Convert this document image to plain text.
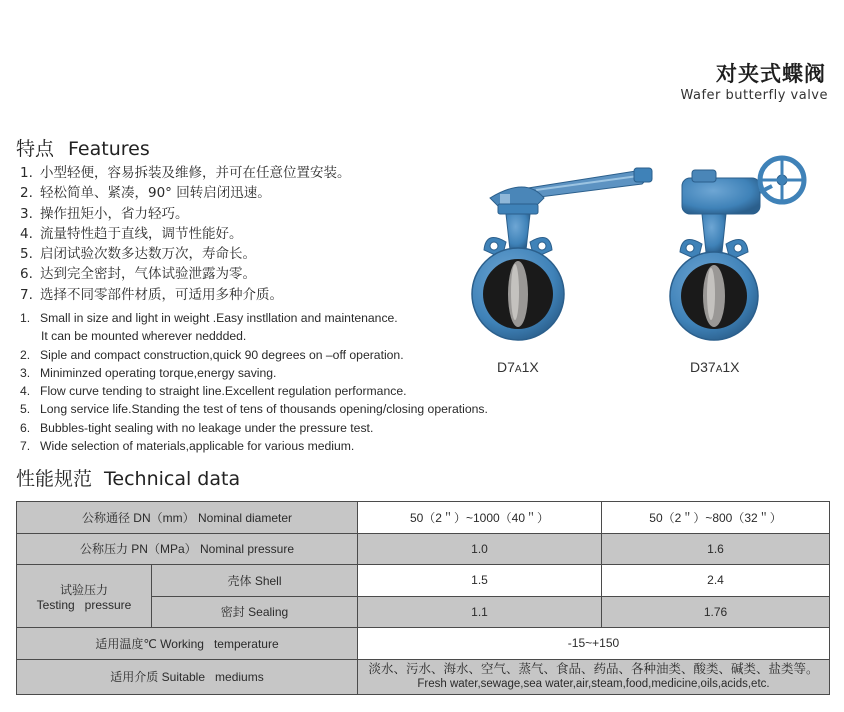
对夹式蝶阀
Wafer butterfly valve
特点 Features
1. 小型轻便，容易拆装及维修，并可在任意位置安装。
2. 轻松简单、紧凑，90° 回转启闭迅速。
3. 操作扭矩小，省力轻巧。
4. 流量特性趋于直线，调节性能好。
5. 启闭试验次数多达数万次，寿命长。
6. 达到完全密封，气体试验泄露为零。
7. 选择不同零部件材质，可适用多种介质。
1. Small in size and light in weight .Easy instllation and maintenance.
It can be mounted wherever neddded.
2. Siple and compact construction,quick 90 degrees on –off operation.
3. Miniminzed operating torque,energy saving.
4. Flow curve tending to straight line.Excellent regulation performance.
5. Long service life.Standing the test of tens of thousands opening/closing operations.
6. Bubbles-tight sealing with no leakage under the pressure test.
7. Wide selection of materials,applicable for various medium.
D7A1X	D37A1X
性能规范 Technical data
公称通径 DN（mm） Nominal diameter		50（2＂）~1000（40＂）	50（2＂）~800（32＂）
公称压力 PN（MPa） Nominal pressure		1.0	1.6

试验压力
Testing   pressure	壳体 Shell	1.5	2.4
	密封 Sealing	1.1	1.76
适用温度℃ Working   temperature		-15~+150	
适用介质 Suitable   mediums		淡水、污水、海水、空气、蒸气、食品、药品、各种油类、酸类、碱类、盐类等。
Fresh water,sewage,sea water,air,steam,food,medicine,oils,acids,etc.	
